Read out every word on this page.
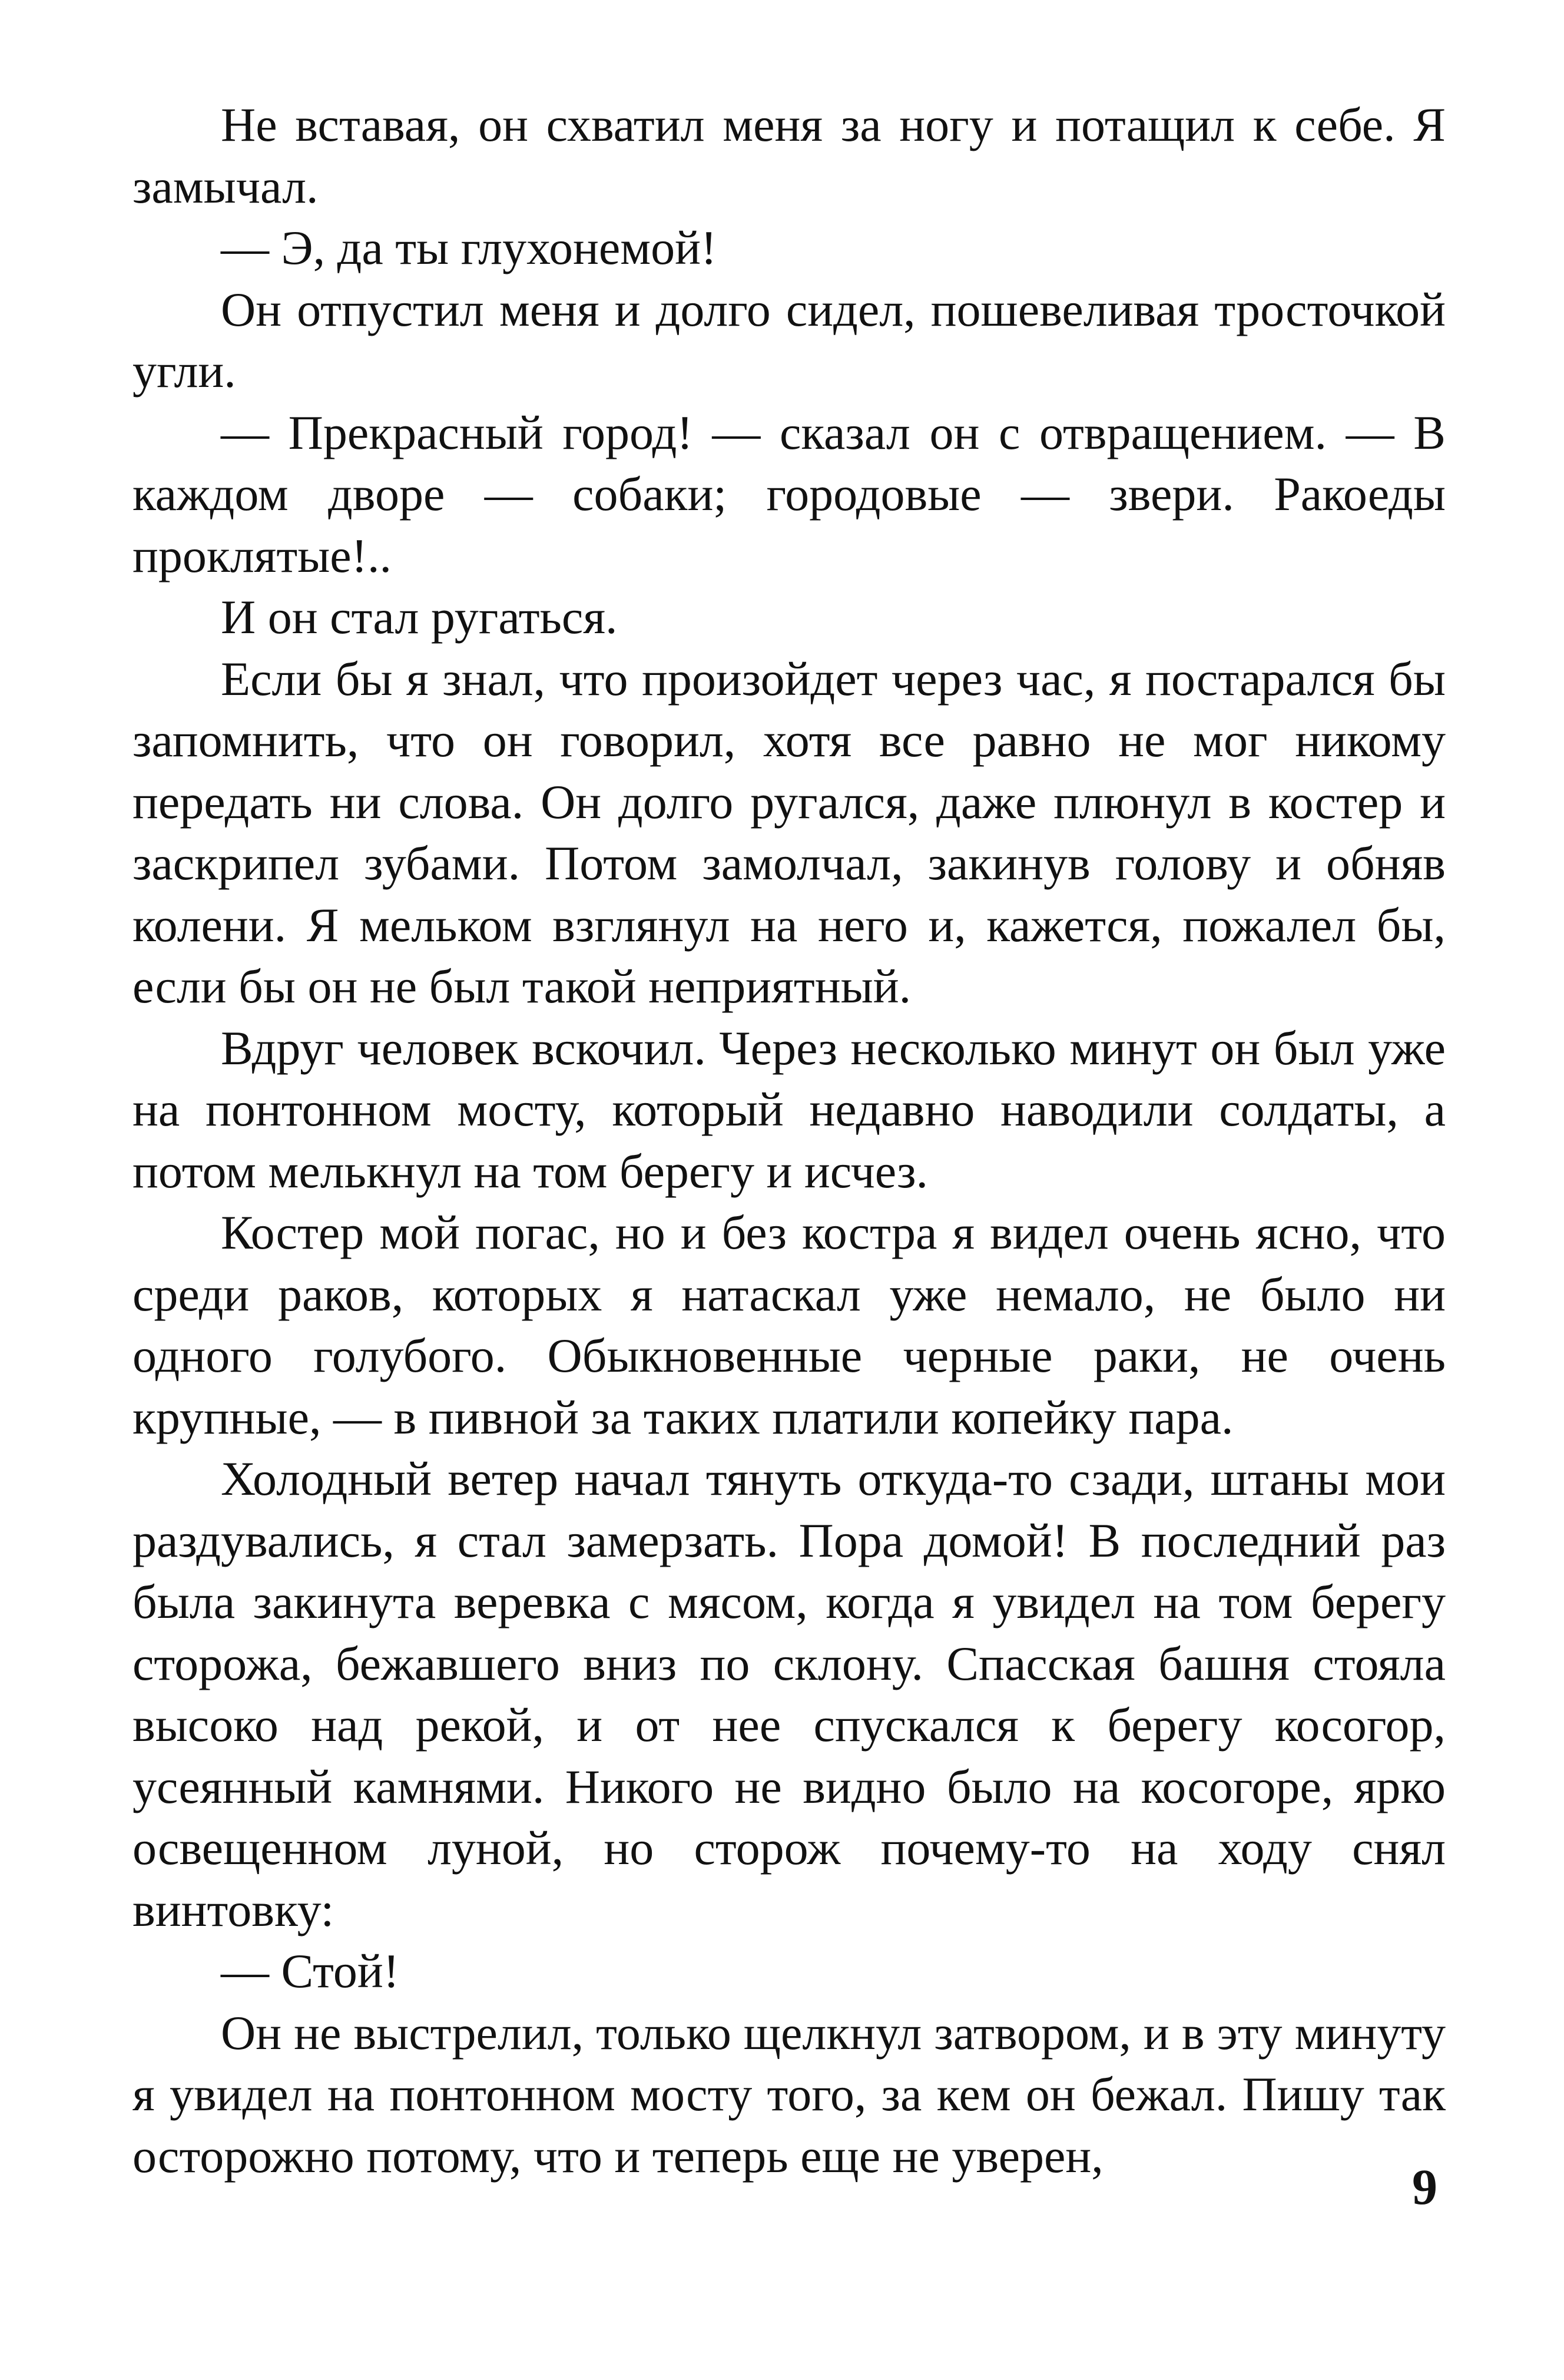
Не вставая, он схватил меня за ногу и потащил к себе. Я замычал.

— Э, да ты глухонемой!

Он отпустил меня и долго сидел, пошевеливая тросточкой угли.

— Прекрасный город! — сказал он с отвращением. — В каждом дворе — собаки; городовые — звери. Ракоеды проклятые!..

И он стал ругаться.

Если бы я знал, что произойдет через час, я постарался бы запомнить, что он говорил, хотя все равно не мог никому передать ни слова. Он долго ругался, даже плюнул в костер и заскрипел зубами. Потом замолчал, закинув голову и обняв колени. Я мельком взглянул на него и, кажется, пожалел бы, если бы он не был такой неприятный.

Вдруг человек вскочил. Через несколько минут он был уже на понтонном мосту, который недавно наводили солдаты, а потом мелькнул на том берегу и исчез.

Костер мой погас, но и без костра я видел очень ясно, что среди раков, которых я натаскал уже немало, не было ни одного голубого. Обыкновенные черные раки, не очень крупные, — в пивной за таких платили копейку пара.

Холодный ветер начал тянуть откуда-то сзади, штаны мои раздувались, я стал замерзать. Пора домой! В последний раз была закинута веревка с мясом, когда я увидел на том берегу сторожа, бежавшего вниз по склону. Спасская башня стояла высоко над рекой, и от нее спускался к берегу косогор, усеянный камнями. Никого не видно было на косогоре, ярко освещенном луной, но сторож почему-то на ходу снял винтовку:

— Стой!

Он не выстрелил, только щелкнул затвором, и в эту минуту я увидел на понтонном мосту того, за кем он бежал. Пишу так осторожно потому, что и теперь еще не уверен,

9
